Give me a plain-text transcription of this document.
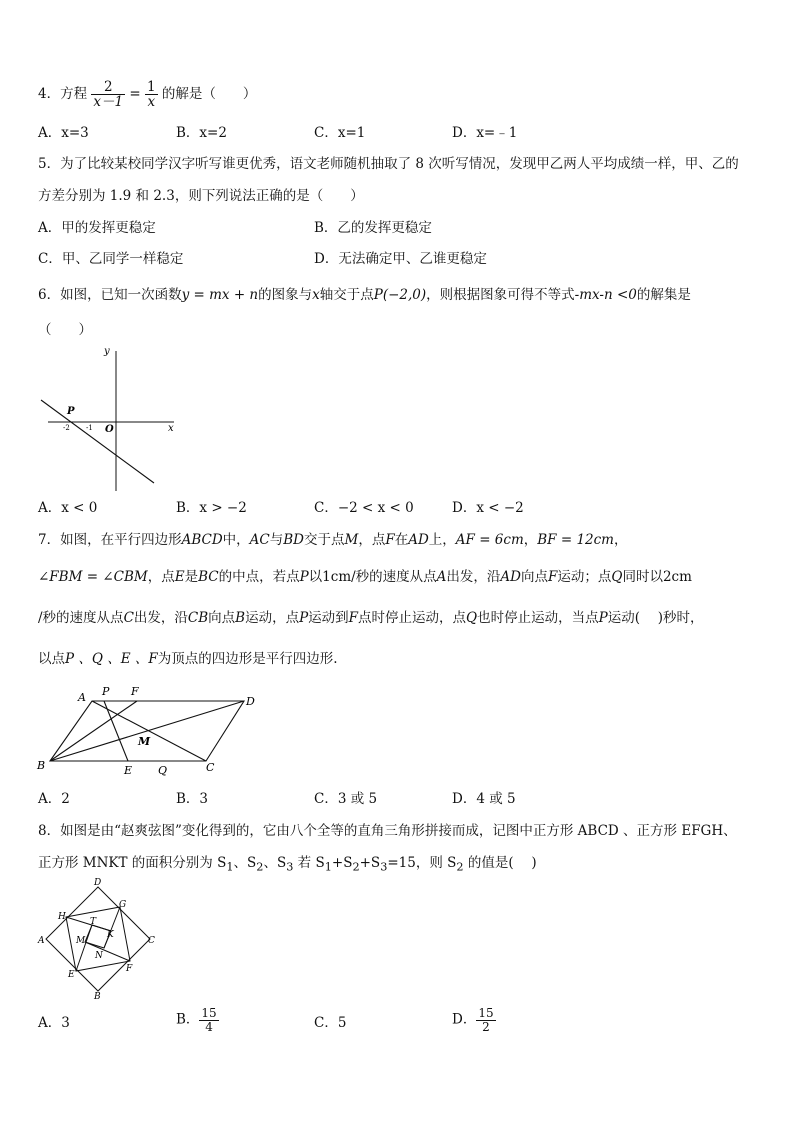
4．方程 $\frac{2}{x-1} = \frac{1}{x}$ 的解是（　　）
A．x=3	B．x=2	C．x=1	D．x=﹣1
5．为了比较某校同学汉字听写谁更优秀，语文老师随机抽取了 8 次听写情况，发现甲乙两人平均成绩一样，甲、乙的
方差分别为 1.9 和 2.3，则下列说法正确的是（　　）
A．甲的发挥更稳定	B．乙的发挥更稳定
C．甲、乙同学一样稳定	D．无法确定甲、乙谁更稳定
6．如图，已知一次函数y = mx + n的图象与x轴交于点P(−2,0)，则根据图象可得不等式-mx-n <0的解集是
（　　）
y
x
O
P
-2 -1
A．x < 0	B．x > −2	C．−2 < x < 0	D．x < −2
7．如图，在平行四边形ABCD中，AC与BD交于点M，点F在AD上，AF = 6cm，BF = 12cm，
∠FBM = ∠CBM，点E是BC的中点，若点P以1cm/秒的速度从点A出发，沿AD向点F运动；点Q同时以2cm
/秒的速度从点C出发，沿CB向点B运动，点P运动到F点时停止运动，点Q也时停止运动，当点P运动(　 )秒时，
以点P 、Q 、E 、F为顶点的四边形是平行四边形.
A P F
D
M
B	E Q	C
A．2	B．3	C．3 或 5	D．4 或 5
8．如图是由“赵爽弦图”变化得到的，它由八个全等的直角三角形拼接而成，记图中正方形 ABCD 、正方形 EFGH、
正方形 MNKT 的面积分别为 $S_1$、$S_2$、$S_3$ 若 $S_1+S_2+S_3=15$，则 $S_2$ 的值是(　 )
D
G
H	T
C
A	M
K
N
E
F
B
A．3	B． $\frac{15}{4}$	C．5	D． $\frac{15}{2}$
